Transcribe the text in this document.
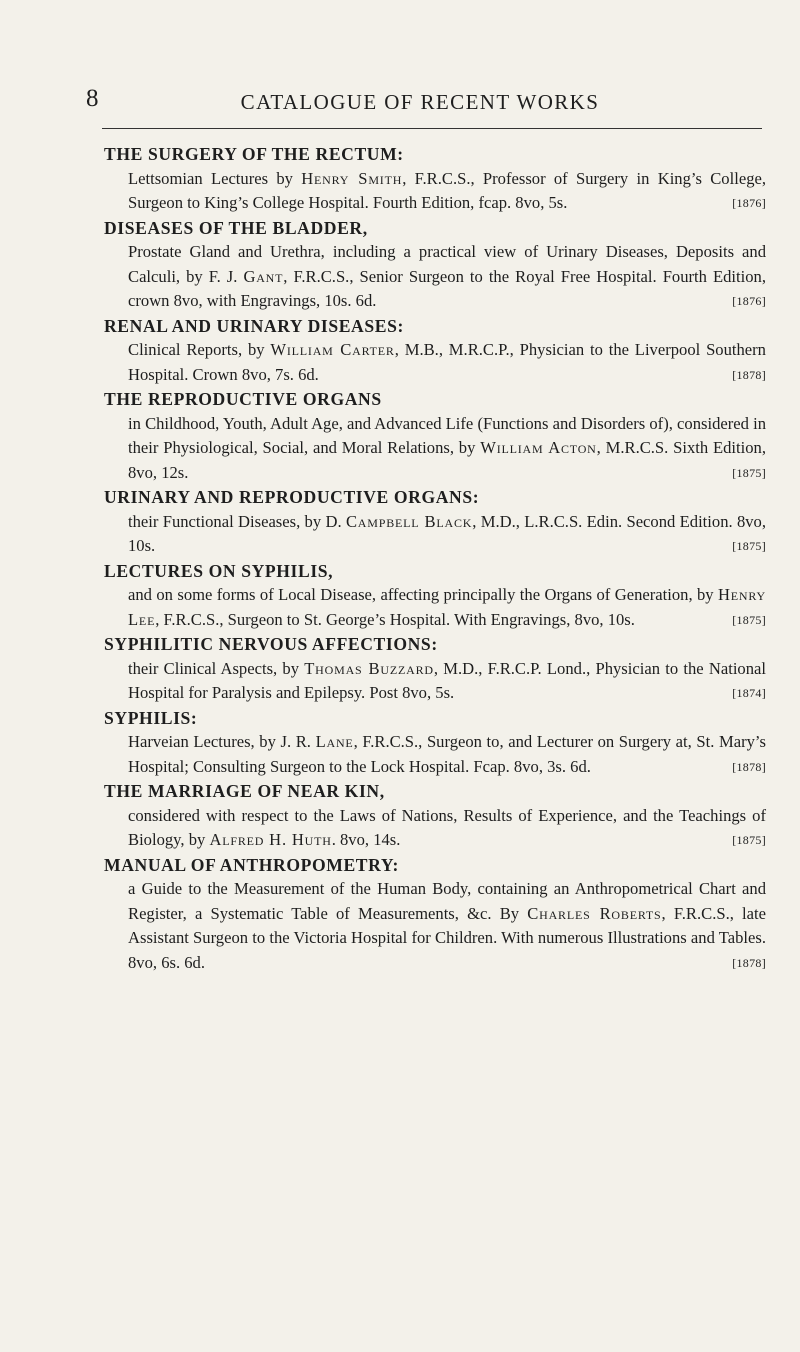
8	CATALOGUE OF RECENT WORKS
THE SURGERY OF THE RECTUM:
Lettsomian Lectures by Henry Smith, F.R.C.S., Professor of Surgery in King’s College, Surgeon to King’s College Hospital. Fourth Edition, fcap. 8vo, 5s.	[1876]
DISEASES OF THE BLADDER,
Prostate Gland and Urethra, including a practical view of Urinary Diseases, Deposits and Calculi, by F. J. Gant, F.R.C.S., Senior Surgeon to the Royal Free Hospital. Fourth Edition, crown 8vo, with Engravings, 10s. 6d.	[1876]
RENAL AND URINARY DISEASES:
Clinical Reports, by William Carter, M.B., M.R.C.P., Physician to the Liverpool Southern Hospital. Crown 8vo, 7s. 6d.	[1878]
THE REPRODUCTIVE ORGANS
in Childhood, Youth, Adult Age, and Advanced Life (Functions and Disorders of), considered in their Physiological, Social, and Moral Relations, by William Acton, M.R.C.S. Sixth Edition, 8vo, 12s.	[1875]
URINARY AND REPRODUCTIVE ORGANS:
their Functional Diseases, by D. Campbell Black, M.D., L.R.C.S. Edin. Second Edition. 8vo, 10s.	[1875]
LECTURES ON SYPHILIS,
and on some forms of Local Disease, affecting principally the Organs of Generation, by Henry Lee, F.R.C.S., Surgeon to St. George’s Hospital. With Engravings, 8vo, 10s.	[1875]
SYPHILITIC NERVOUS AFFECTIONS:
their Clinical Aspects, by Thomas Buzzard, M.D., F.R.C.P. Lond., Physician to the National Hospital for Paralysis and Epilepsy. Post 8vo, 5s.	[1874]
SYPHILIS:
Harveian Lectures, by J. R. Lane, F.R.C.S., Surgeon to, and Lecturer on Surgery at, St. Mary’s Hospital; Consulting Surgeon to the Lock Hospital. Fcap. 8vo, 3s. 6d.	[1878]
THE MARRIAGE OF NEAR KIN,
considered with respect to the Laws of Nations, Results of Experience, and the Teachings of Biology, by Alfred H. Huth. 8vo, 14s.	[1875]
MANUAL OF ANTHROPOMETRY:
a Guide to the Measurement of the Human Body, containing an Anthropometrical Chart and Register, a Systematic Table of Measurements, &c. By Charles Roberts, F.R.C.S., late Assistant Surgeon to the Victoria Hospital for Children. With numerous Illustrations and Tables. 8vo, 6s. 6d.	[1878]
